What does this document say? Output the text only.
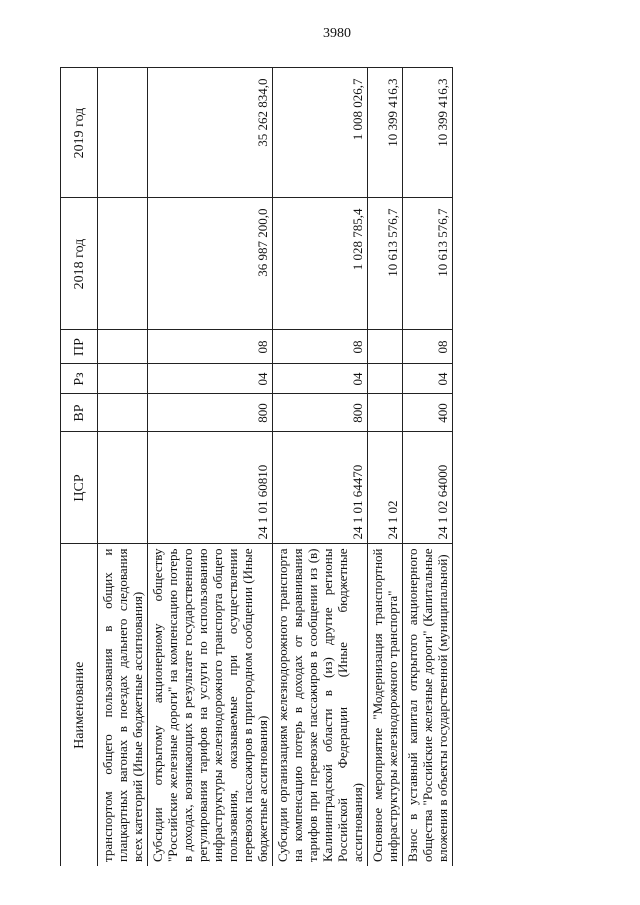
3980
Наименование	ЦСР	ВР	Рз	ПР	2018 год	2019 год
транспортом общего пользования в общих и плацкартных вагонах в поездах дальнего следования всех категорий (Иные бюджетные ассигнования)						
Субсидии открытому акционерному обществу "Российские железные дороги" на компенсацию потерь в доходах, возникающих в результате государственного регулирования тарифов на услуги по использованию инфраструктуры железнодорожного транспорта общего пользования, оказываемые при осуществлении перевозок пассажиров в пригородном сообщении (Иные бюджетные ассигнования)	24 1 01 60810	800	04	08	36 987 200,0	35 262 834,0
Субсидии организациям железнодорожного транспорта на компенсацию потерь в доходах от выравнивания тарифов при перевозке пассажиров в сообщении из (в) Калининградской области в (из) другие регионы Российской Федерации (Иные бюджетные ассигнования)	24 1 01 64470	800	04	08	1 028 785,4	1 008 026,7
Основное мероприятие "Модернизация транспортной инфраструктуры железнодорожного транспорта"	24 1 02				10 613 576,7	10 399 416,3
Взнос в уставный капитал открытого акционерного общества "Российские железные дороги" (Капитальные вложения в объекты государственной (муниципальной)	24 1 02 64000	400	04	08	10 613 576,7	10 399 416,3
